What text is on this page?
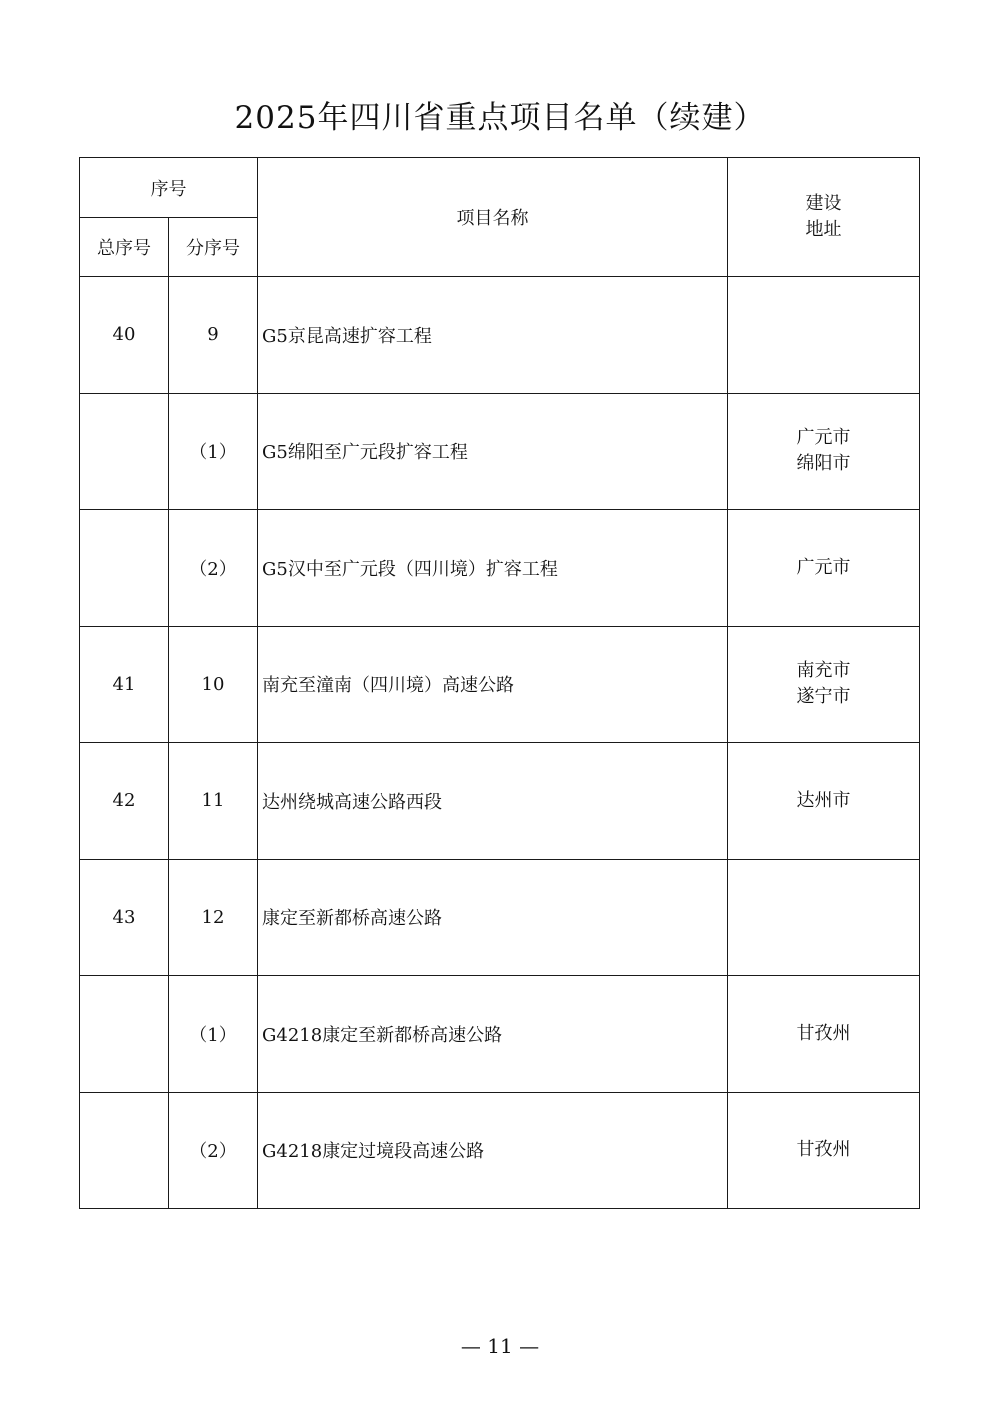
2025年四川省重点项目名单（续建）
序号		项目名称	建设
地址

总序号	分序号		
40	9	G5京昆高速扩容工程	
	（1）	G5绵阳至广元段扩容工程	广元市
绵阳市

	（2）	G5汉中至广元段（四川境）扩容工程	广元市

41	10	南充至潼南（四川境）高速公路	南充市
遂宁市

42	11	达州绕城高速公路西段	达州市

43	12	康定至新都桥高速公路	
	（1）	G4218康定至新都桥高速公路	甘孜州

	（2）	G4218康定过境段高速公路	甘孜州
— 11 —
